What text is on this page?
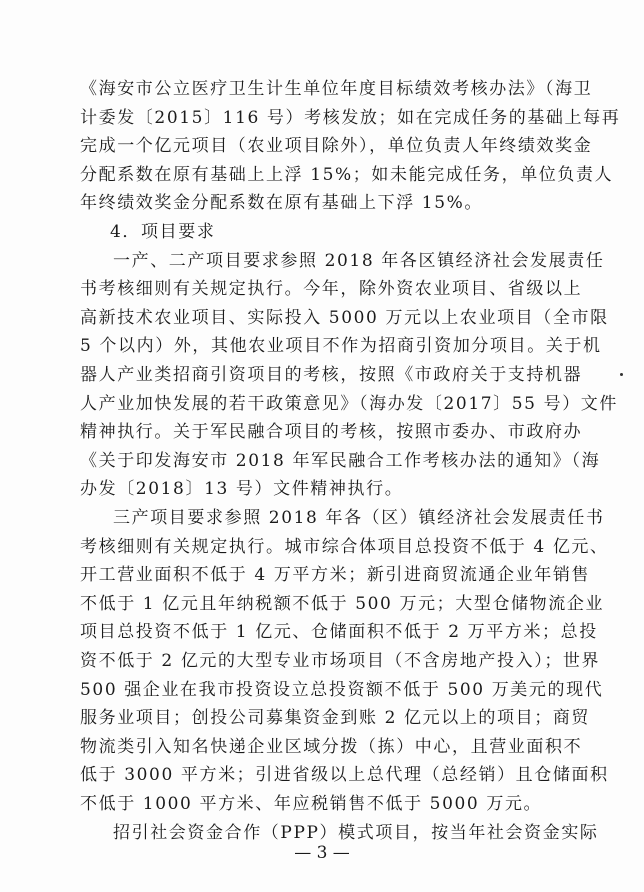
《海安市公立医疗卫生计生单位年度目标绩效考核办法》（海卫
计委发〔2015〕116 号）考核发放；如在完成任务的基础上每再
完成一个亿元项目（农业项目除外），单位负责人年终绩效奖金
分配系数在原有基础上上浮 15%；如未能完成任务，单位负责人
年终绩效奖金分配系数在原有基础上下浮 15%。
4．项目要求
一产、二产项目要求参照 2018 年各区镇经济社会发展责任
书考核细则有关规定执行。今年，除外资农业项目、省级以上
高新技术农业项目、实际投入 5000 万元以上农业项目（全市限
5 个以内）外，其他农业项目不作为招商引资加分项目。关于机
器人产业类招商引资项目的考核，按照《市政府关于支持机器
人产业加快发展的若干政策意见》（海办发〔2017〕55 号）文件
精神执行。关于军民融合项目的考核，按照市委办、市政府办
《关于印发海安市 2018 年军民融合工作考核办法的通知》（海
办发〔2018〕13 号）文件精神执行。
三产项目要求参照 2018 年各（区）镇经济社会发展责任书
考核细则有关规定执行。城市综合体项目总投资不低于 4 亿元、
开工营业面积不低于 4 万平方米；新引进商贸流通企业年销售
不低于 1 亿元且年纳税额不低于 500 万元；大型仓储物流企业
项目总投资不低于 1 亿元、仓储面积不低于 2 万平方米；总投
资不低于 2 亿元的大型专业市场项目（不含房地产投入）；世界
500 强企业在我市投资设立总投资额不低于 500 万美元的现代
服务业项目；创投公司募集资金到账 2 亿元以上的项目；商贸
物流类引入知名快递企业区域分拨（拣）中心，且营业面积不
低于 3000 平方米；引进省级以上总代理（总经销）且仓储面积
不低于 1000 平方米、年应税销售不低于 5000 万元。
招引社会资金合作（PPP）模式项目，按当年社会资金实际
— 3 —
